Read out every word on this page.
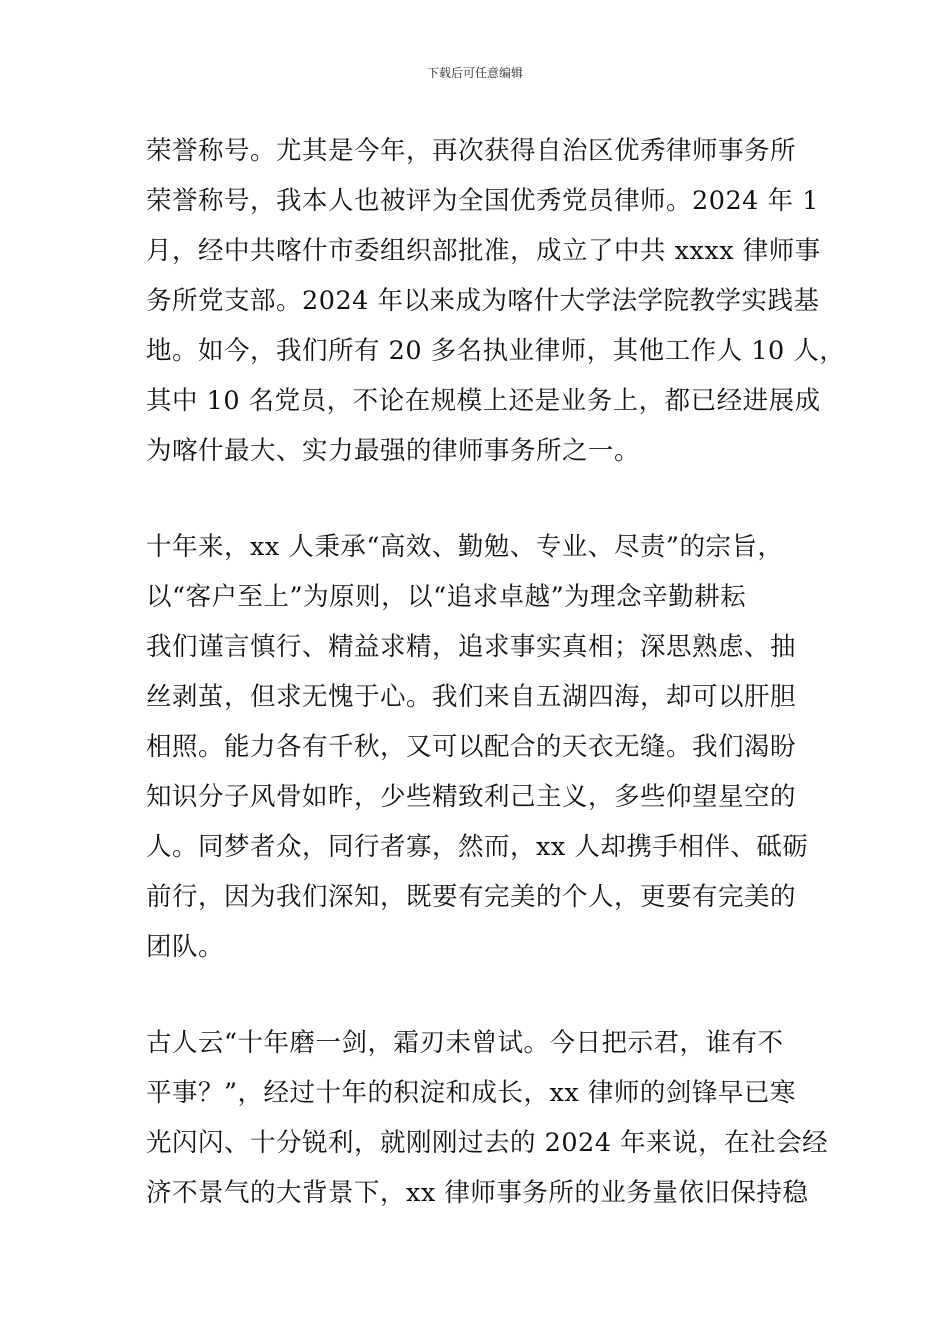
下载后可任意编辑
荣誉称号。尤其是今年，再次获得自治区优秀律师事务所
荣誉称号，我本人也被评为全国优秀党员律师。2024 年 1
月，经中共喀什市委组织部批准，成立了中共 xxxx 律师事
务所党支部。2024 年以来成为喀什大学法学院教学实践基
地。如今，我们所有 20 多名执业律师，其他工作人 10 人，
其中 10 名党员，不论在规模上还是业务上，都已经进展成
为喀什最大、实力最强的律师事务所之一。
十年来，xx 人秉承“高效、勤勉、专业、尽责”的宗旨，
以“客户至上”为原则，以“追求卓越”为理念辛勤耕耘
我们谨言慎行、精益求精，追求事实真相；深思熟虑、抽
丝剥茧，但求无愧于心。我们来自五湖四海，却可以肝胆
相照。能力各有千秋，又可以配合的天衣无缝。我们渴盼
知识分子风骨如昨，少些精致利己主义，多些仰望星空的
人。同梦者众，同行者寡，然而，xx 人却携手相伴、砥砺
前行，因为我们深知，既要有完美的个人，更要有完美的
团队。
古人云“十年磨一剑，霜刃未曾试。今日把示君，谁有不
平事？”，经过十年的积淀和成长，xx 律师的剑锋早已寒
光闪闪、十分锐利，就刚刚过去的 2024 年来说，在社会经
济不景气的大背景下，xx 律师事务所的业务量依旧保持稳
